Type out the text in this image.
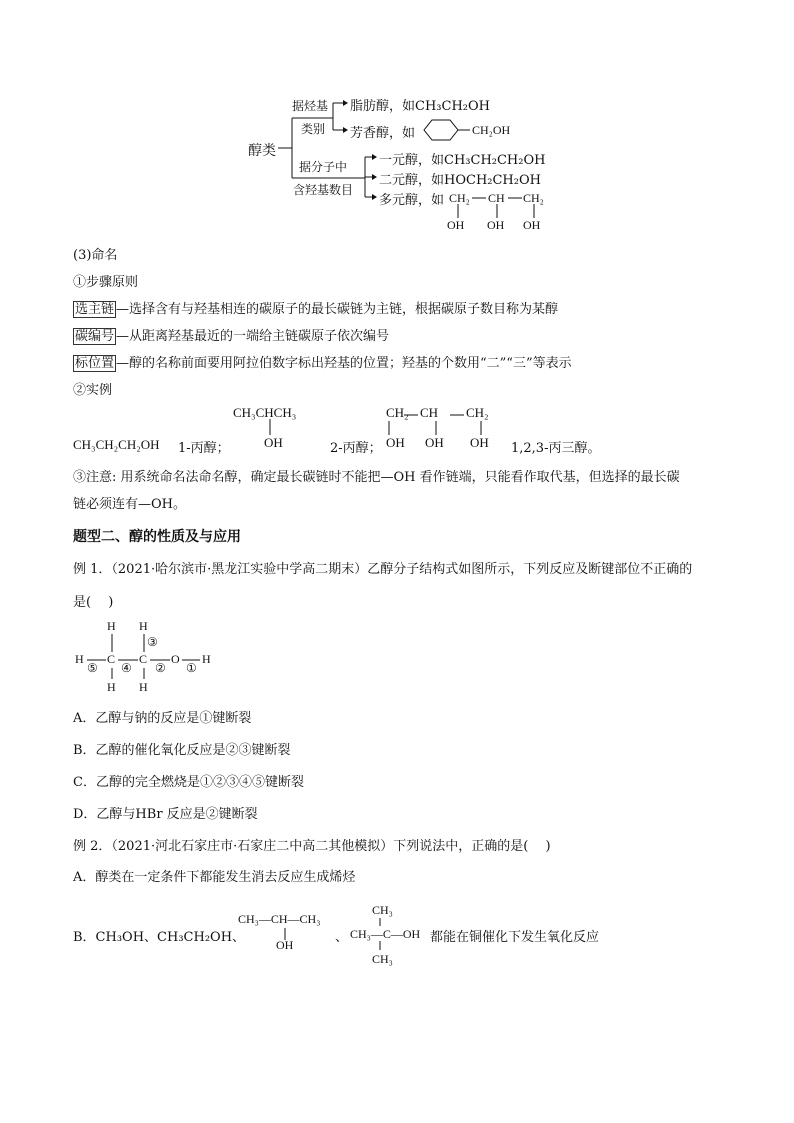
醇类
据烃基
类别
脂肪醇，如CH₃CH₂OH
芳香醇，如	CH₂OH
据分子中
含羟基数目
一元醇，如CH₃CH₂CH₂OH
二元醇，如HOCH₂CH₂OH
多元醇，如 CH₂ CH CH₂
OH OH OH
(3)命名
①步骤原则
选主链 —选择含有与羟基相连的碳原子的最长碳链为主链，根据碳原子数目称为某醇
碳编号 —从距离羟基最近的一端给主链碳原子依次编号
标位置 —醇的名称前面要用阿拉伯数字标出羟基的位置；羟基的个数用“二”“三”等表示
②实例
CH₃CHCH₃
OH
CH₂ CH CH₂
CH₃CH₂CH₂OH 1-丙醇；	2-丙醇； OH OH OH 1,2,3-丙三醇。
③注意: 用系统命名法命名醇，确定最长碳链时不能把—OH 看作链端，只能看作取代基，但选择的最长碳
链必须连有—OH。
题型二、醇的性质及与应用
例 1．（2021·哈尔滨市·黑龙江实验中学高二期末）乙醇分子结构式如图所示，下列反应及断键部位不正确的
是(　 )
H H
H C C O H
H H
⑤ ④
③
② ①
A．乙醇与钠的反应是①键断裂
B．乙醇的催化氧化反应是②③键断裂
C．乙醇的完全燃烧是①②③④⑤键断裂
D．乙醇与HBr 反应是②键断裂
例 2．（2021·河北石家庄市·石家庄二中高二其他模拟）下列说法中，正确的是(　 )
A．醇类在一定条件下都能发生消去反应生成烯烃
B．CH₃OH、CH₃CH₂OH、
CH₃—CH—CH₃
OH	、
CH₃
CH₃—C—OH
CH₃
都能在铜催化下发生氧化反应
